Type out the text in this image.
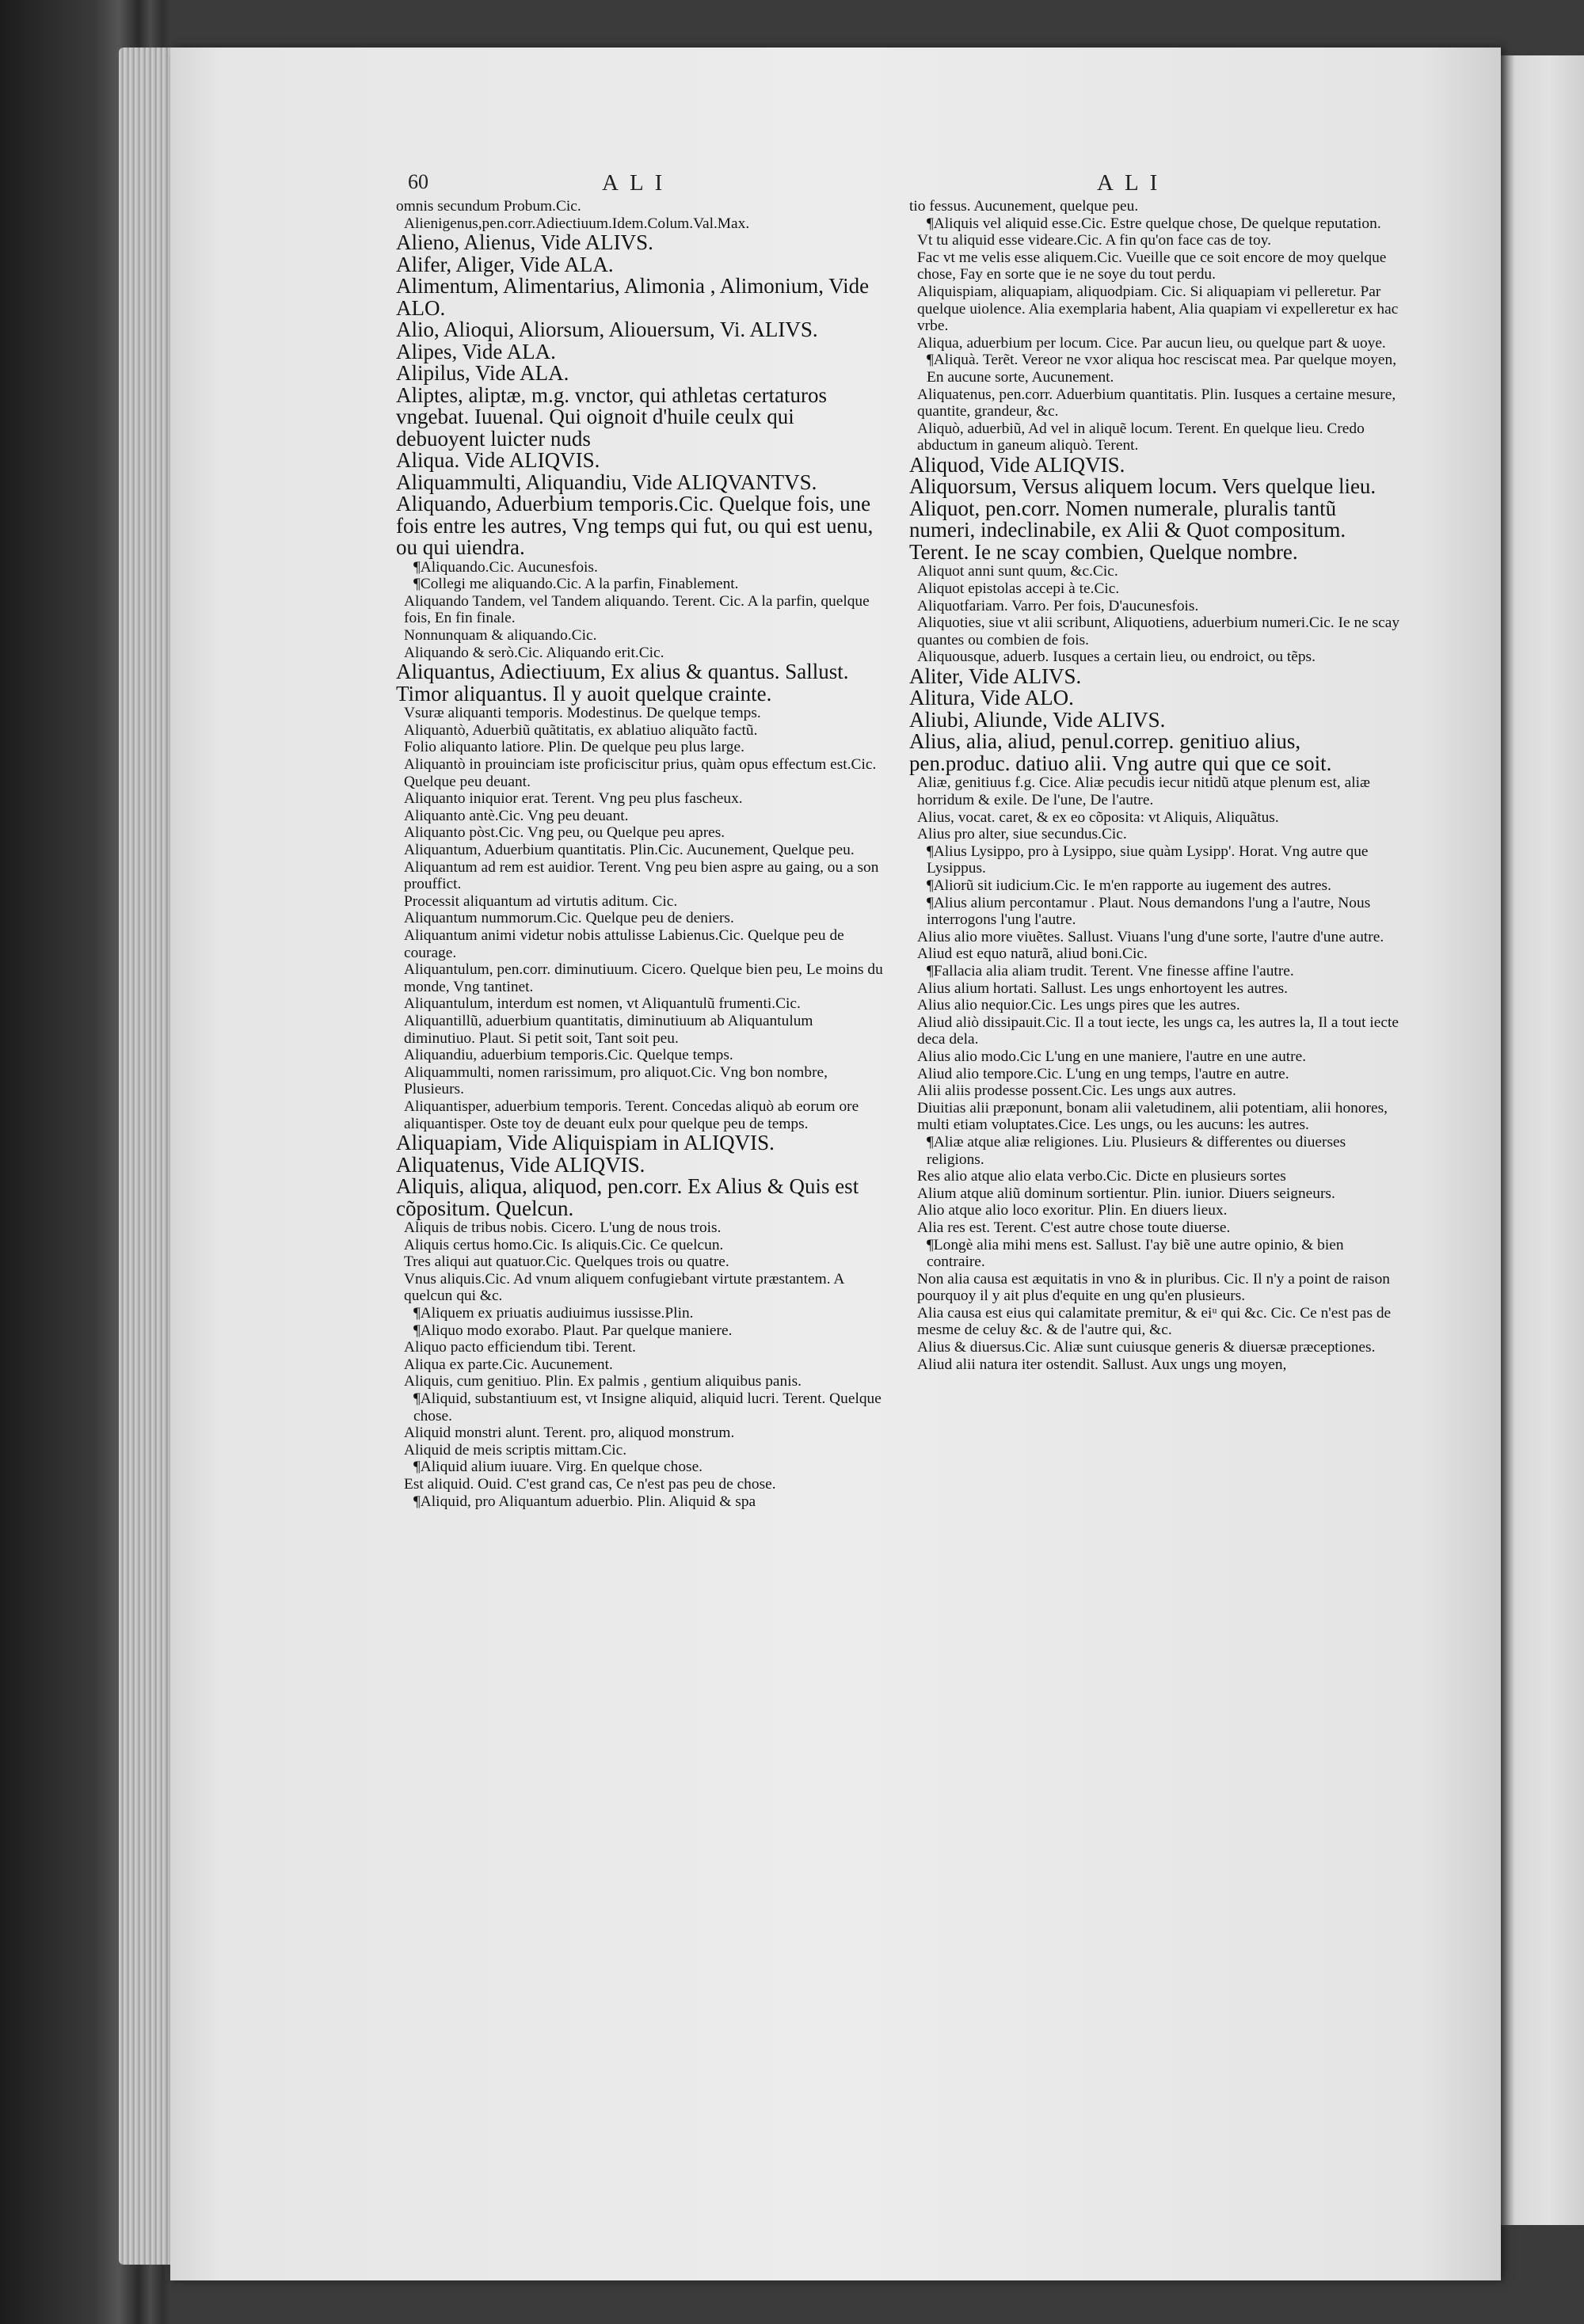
60	ALI	ALI

omnis secundum Probum.Cic.

Alienigenus,pen.corr.Adiectiuum.Idem.Colum.Val.Max.

Alieno, Alienus, Vide ALIVS.

Alifer, Aliger, Vide ALA.

Alimentum, Alimentarius, Alimonia , Alimonium, Vide ALO.

Alio, Alioqui, Aliorsum, Aliouersum, Vi. ALIVS.

Alipes, Vide ALA.

Alipilus, Vide ALA.

Aliptes, aliptæ, m.g. vnctor, qui athletas certaturos vngebat. Iuuenal. Qui oignoit d'huile ceulx qui debuoyent luicter nuds

Aliqua. Vide ALIQVIS.

Aliquammulti, Aliquandiu, Vide ALIQVANTVS.

Aliquando, Aduerbium temporis.Cic. Quelque fois, une fois entre les autres, Vng temps qui fut, ou qui est uenu, ou qui uiendra.

¶Aliquando.Cic. Aucunesfois.

¶Collegi me aliquando.Cic. A la parfin, Finablement.

Aliquando Tandem, vel Tandem aliquando. Terent. Cic. A la parfin, quelque fois, En fin finale.

Nonnunquam & aliquando.Cic.

Aliquando & serò.Cic. Aliquando erit.Cic.

Aliquantus, Adiectiuum, Ex alius & quantus. Sallust. Timor aliquantus. Il y auoit quelque crainte.

Vsuræ aliquanti temporis. Modestinus. De quelque temps.

Aliquantò, Aduerbiũ quãtitatis, ex ablatiuo aliquãto factũ.

Folio aliquanto latiore. Plin. De quelque peu plus large.

Aliquantò in prouinciam iste proficiscitur prius, quàm opus effectum est.Cic. Quelque peu deuant.

Aliquanto iniquior erat. Terent. Vng peu plus fascheux.

Aliquanto antè.Cic. Vng peu deuant.

Aliquanto pòst.Cic. Vng peu, ou Quelque peu apres.

Aliquantum, Aduerbium quantitatis. Plin.Cic. Aucunement, Quelque peu.

Aliquantum ad rem est auidior. Terent. Vng peu bien aspre au gaing, ou a son prouffict.

Processit aliquantum ad virtutis aditum. Cic.

Aliquantum nummorum.Cic. Quelque peu de deniers.

Aliquantum animi videtur nobis attulisse Labienus.Cic. Quelque peu de courage.

Aliquantulum, pen.corr. diminutiuum. Cicero. Quelque bien peu, Le moins du monde, Vng tantinet.

Aliquantulum, interdum est nomen, vt Aliquantulũ frumenti.Cic.

Aliquantillũ, aduerbium quantitatis, diminutiuum ab Aliquantulum diminutiuo. Plaut. Si petit soit, Tant soit peu.

Aliquandiu, aduerbium temporis.Cic. Quelque temps.

Aliquammulti, nomen rarissimum, pro aliquot.Cic. Vng bon nombre, Plusieurs.

Aliquantisper, aduerbium temporis. Terent. Concedas aliquò ab eorum ore aliquantisper. Oste toy de deuant eulx pour quelque peu de temps.

Aliquapiam, Vide Aliquispiam in ALIQVIS.

Aliquatenus, Vide ALIQVIS.

Aliquis, aliqua, aliquod, pen.corr. Ex Alius & Quis est cõpositum. Quelcun.

Aliquis de tribus nobis. Cicero. L'ung de nous trois.

Aliquis certus homo.Cic. Is aliquis.Cic. Ce quelcun.

Tres aliqui aut quatuor.Cic. Quelques trois ou quatre.

Vnus aliquis.Cic. Ad vnum aliquem confugiebant virtute præstantem. A quelcun qui &c.

¶Aliquem ex priuatis audiuimus iussisse.Plin.

¶Aliquo modo exorabo. Plaut. Par quelque maniere.

Aliquo pacto efficiendum tibi. Terent.

Aliqua ex parte.Cic. Aucunement.

Aliquis, cum genitiuo. Plin. Ex palmis , gentium aliquibus panis.

¶Aliquid, substantiuum est, vt Insigne aliquid, aliquid lucri. Terent. Quelque chose.

Aliquid monstri alunt. Terent. pro, aliquod monstrum.

Aliquid de meis scriptis mittam.Cic.

¶Aliquid alium iuuare. Virg. En quelque chose.

Est aliquid. Ouid. C'est grand cas, Ce n'est pas peu de chose.

¶Aliquid, pro Aliquantum aduerbio. Plin. Aliquid & spa

tio fessus. Aucunement, quelque peu.

¶Aliquis vel aliquid esse.Cic. Estre quelque chose, De quelque reputation.

Vt tu aliquid esse videare.Cic. A fin qu'on face cas de toy.

Fac vt me velis esse aliquem.Cic. Vueille que ce soit encore de moy quelque chose, Fay en sorte que ie ne soye du tout perdu.

Aliquispiam, aliquapiam, aliquodpiam. Cic. Si aliquapiam vi pelleretur. Par quelque uiolence. Alia exemplaria habent, Alia quapiam vi expelleretur ex hac vrbe.

Aliqua, aduerbium per locum. Cice. Par aucun lieu, ou quelque part & uoye.

¶Aliquà. Terẽt. Vereor ne vxor aliqua hoc resciscat mea. Par quelque moyen, En aucune sorte, Aucunement.

Aliquatenus, pen.corr. Aduerbium quantitatis. Plin. Iusques a certaine mesure, quantite, grandeur, &c.

Aliquò, aduerbiũ, Ad vel in aliquẽ locum. Terent. En quelque lieu. Credo abductum in ganeum aliquò. Terent.

Aliquod, Vide ALIQVIS.

Aliquorsum, Versus aliquem locum. Vers quelque lieu.

Aliquot, pen.corr. Nomen numerale, pluralis tantũ numeri, indeclinabile, ex Alii & Quot compositum. Terent. Ie ne scay combien, Quelque nombre.

Aliquot anni sunt quum, &c.Cic.

Aliquot epistolas accepi à te.Cic.

Aliquotfariam. Varro. Per fois, D'aucunesfois.

Aliquoties, siue vt alii scribunt, Aliquotiens, aduerbium numeri.Cic. Ie ne scay quantes ou combien de fois.

Aliquousque, aduerb. Iusques a certain lieu, ou endroict, ou tẽps.

Aliter, Vide ALIVS.

Alitura, Vide ALO.

Aliubi, Aliunde, Vide ALIVS.

Alius, alia, aliud, penul.correp. genitiuo alius, pen.produc. datiuo alii. Vng autre qui que ce soit.

Aliæ, genitiuus f.g. Cice. Aliæ pecudis iecur nitidũ atque plenum est, aliæ horridum & exile. De l'une, De l'autre.

Alius, vocat. caret, & ex eo cõposita: vt Aliquis, Aliquãtus.

Alius pro alter, siue secundus.Cic.

¶Alius Lysippo, pro à Lysippo, siue quàm Lysipp'. Horat. Vng autre que Lysippus.

¶Aliorũ sit iudicium.Cic. Ie m'en rapporte au iugement des autres.

¶Alius alium percontamur . Plaut. Nous demandons l'ung a l'autre, Nous interrogons l'ung l'autre.

Alius alio more viuẽtes. Sallust. Viuans l'ung d'une sorte, l'autre d'une autre.

Aliud est equo naturã, aliud boni.Cic.

¶Fallacia alia aliam trudit. Terent. Vne finesse affine l'autre.

Alius alium hortati. Sallust. Les ungs enhortoyent les autres.

Alius alio nequior.Cic. Les ungs pires que les autres.

Aliud aliò dissipauit.Cic. Il a tout iecte, les ungs ca, les autres la, Il a tout iecte deca dela.

Alius alio modo.Cic L'ung en une maniere, l'autre en une autre.

Aliud alio tempore.Cic. L'ung en ung temps, l'autre en autre.

Alii aliis prodesse possent.Cic. Les ungs aux autres.

Diuitias alii præponunt, bonam alii valetudinem, alii potentiam, alii honores, multi etiam voluptates.Cice. Les ungs, ou les aucuns: les autres.

¶Aliæ atque aliæ religiones. Liu. Plusieurs & differentes ou diuerses religions.

Res alio atque alio elata verbo.Cic. Dicte en plusieurs sortes

Alium atque aliũ dominum sortientur. Plin. iunior. Diuers seigneurs.

Alio atque alio loco exoritur. Plin. En diuers lieux.

Alia res est. Terent. C'est autre chose toute diuerse.

¶Longè alia mihi mens est. Sallust. I'ay biẽ une autre opinio, & bien contraire.

Non alia causa est æquitatis in vno & in pluribus. Cic. Il n'y a point de raison pourquoy il y ait plus d'equite en ung qu'en plusieurs.

Alia causa est eius qui calamitate premitur, & eiᵘ qui &c. Cic. Ce n'est pas de mesme de celuy &c. & de l'autre qui, &c.

Alius & diuersus.Cic. Aliæ sunt cuiusque generis & diuersæ præceptiones.

Aliud alii natura iter ostendit. Sallust. Aux ungs ung moyen,
